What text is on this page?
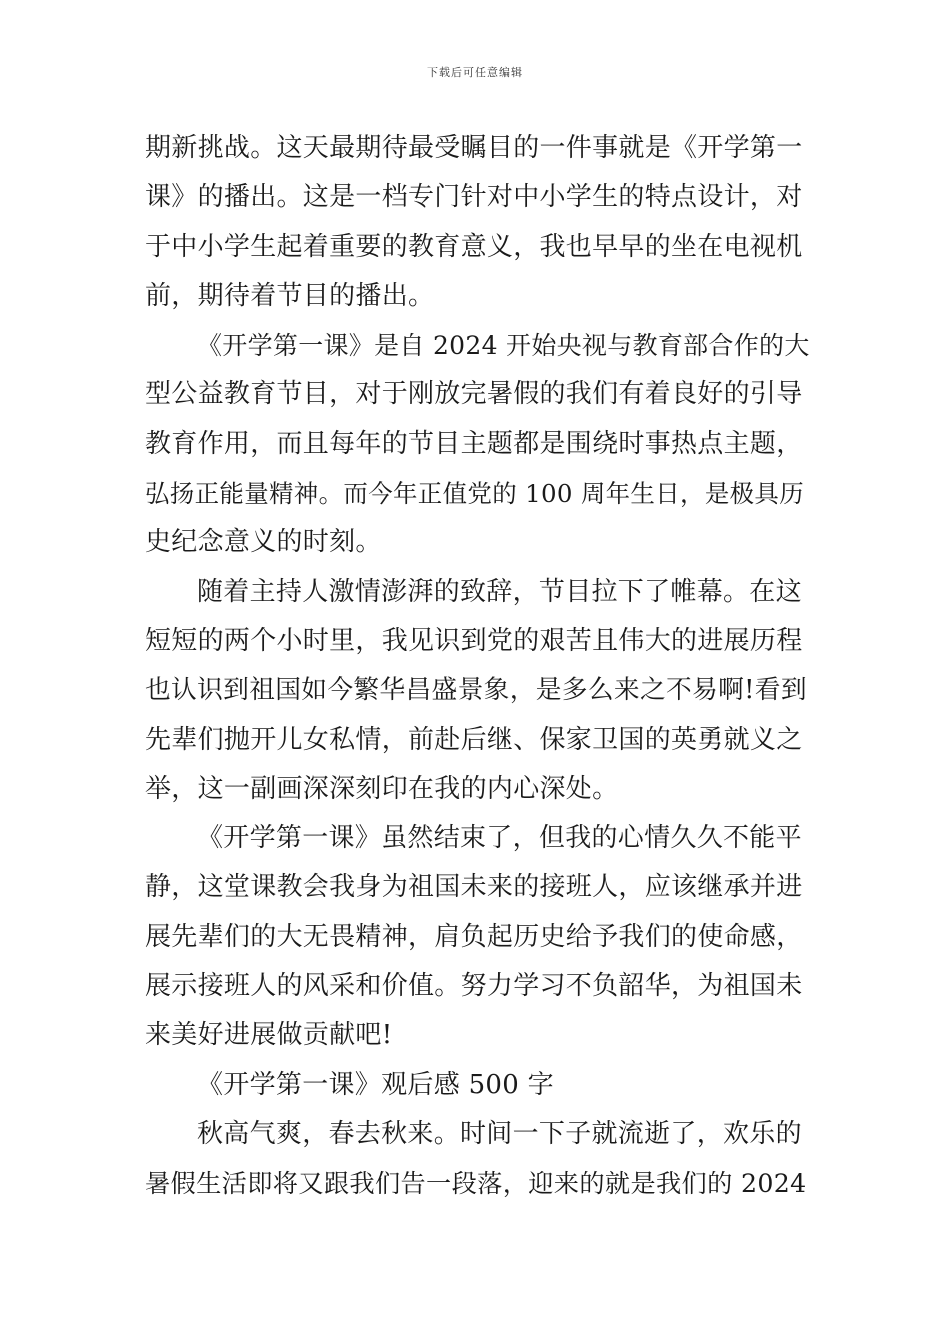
下载后可任意编辑
期新挑战。这天最期待最受瞩目的一件事就是《开学第一
课》的播出。这是一档专门针对中小学生的特点设计，对
于中小学生起着重要的教育意义，我也早早的坐在电视机
前，期待着节目的播出。
《开学第一课》是自 2024 开始央视与教育部合作的大
型公益教育节目，对于刚放完暑假的我们有着良好的引导
教育作用，而且每年的节目主题都是围绕时事热点主题，
弘扬正能量精神。而今年正值党的 100 周年生日，是极具历
史纪念意义的时刻。
随着主持人激情澎湃的致辞，节目拉下了帷幕。在这
短短的两个小时里，我见识到党的艰苦且伟大的进展历程
也认识到祖国如今繁华昌盛景象，是多么来之不易啊!看到
先辈们抛开儿女私情，前赴后继、保家卫国的英勇就义之
举，这一副画深深刻印在我的内心深处。
《开学第一课》虽然结束了，但我的心情久久不能平
静，这堂课教会我身为祖国未来的接班人，应该继承并进
展先辈们的大无畏精神，肩负起历史给予我们的使命感，
展示接班人的风采和价值。努力学习不负韶华，为祖国未
来美好进展做贡献吧!
《开学第一课》观后感 500 字
秋高气爽，春去秋来。时间一下子就流逝了，欢乐的
暑假生活即将又跟我们告一段落，迎来的就是我们的 2024
